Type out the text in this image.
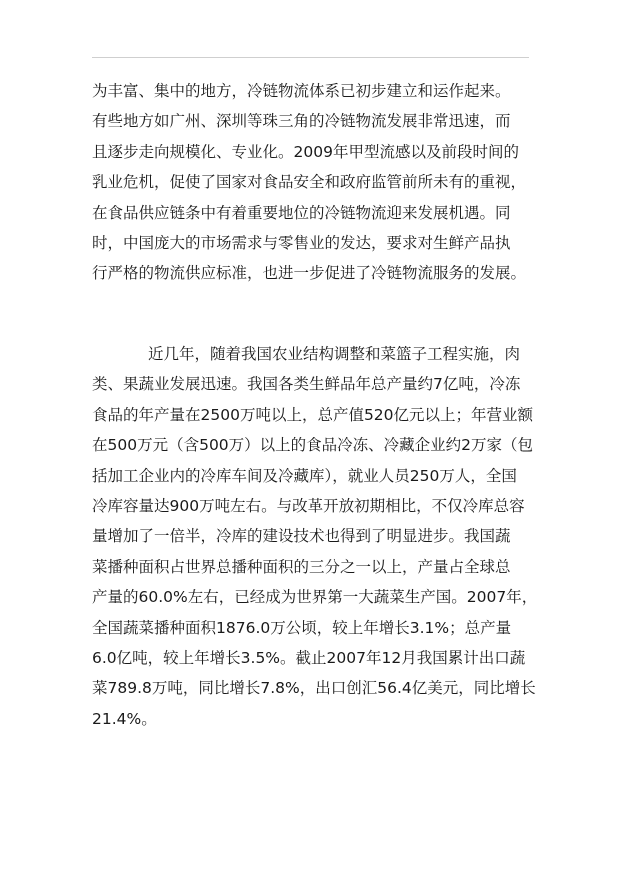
为丰富、集中的地方，冷链物流体系已初步建立和运作起来。
有些地方如广州、深圳等珠三角的冷链物流发展非常迅速，而
且逐步走向规模化、专业化。2009年甲型流感以及前段时间的
乳业危机，促使了国家对食品安全和政府监管前所未有的重视，
在食品供应链条中有着重要地位的冷链物流迎来发展机遇。同
时，中国庞大的市场需求与零售业的发达，要求对生鲜产品执
行严格的物流供应标准，也进一步促进了冷链物流服务的发展。
近几年，随着我国农业结构调整和菜篮子工程实施，肉
类、果蔬业发展迅速。我国各类生鲜品年总产量约7亿吨，冷冻
食品的年产量在2500万吨以上，总产值520亿元以上；年营业额
在500万元（含500万）以上的食品冷冻、冷藏企业约2万家（包
括加工企业内的冷库车间及冷藏库），就业人员250万人，全国
冷库容量达900万吨左右。与改革开放初期相比，不仅冷库总容
量增加了一倍半，冷库的建设技术也得到了明显进步。我国蔬
菜播种面积占世界总播种面积的三分之一以上，产量占全球总
产量的60.0%左右，已经成为世界第一大蔬菜生产国。2007年，
全国蔬菜播种面积1876.0万公顷，较上年增长3.1%；总产量
6.0亿吨，较上年增长3.5%。截止2007年12月我国累计出口蔬
菜789.8万吨，同比增长7.8%，出口创汇56.4亿美元，同比增长
21.4%。
